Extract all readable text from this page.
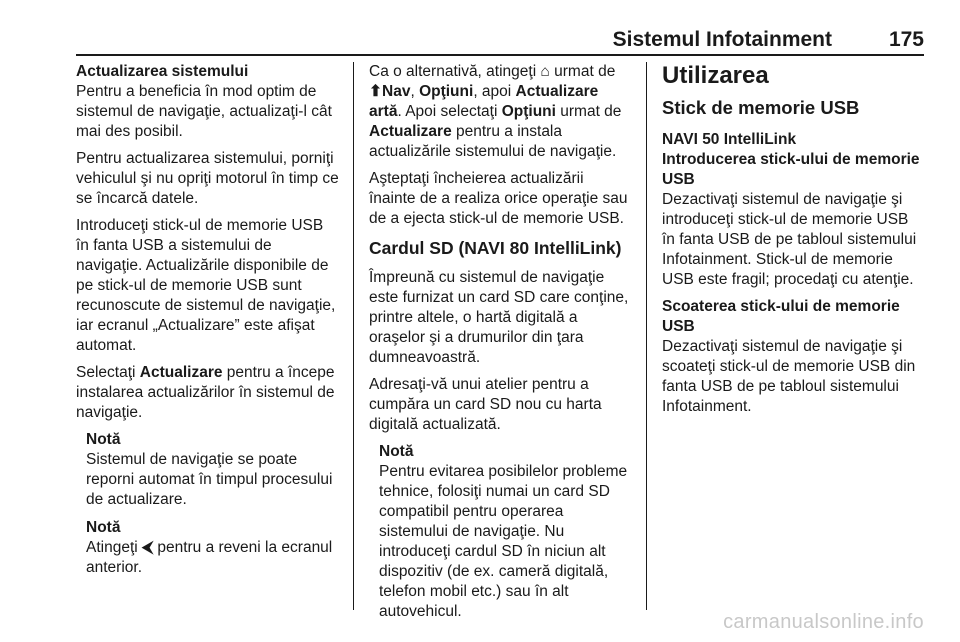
Sistemul Infotainment	175

Actualizarea sistemului
Pentru a beneficia în mod optim de sistemul de navigaţie, actualizaţi-l cât mai des posibil.

Pentru actualizarea sistemului, porniţi vehiculul şi nu opriţi motorul în timp ce se încarcă datele.

Introduceţi stick-ul de memorie USB în fanta USB a sistemului de navigaţie. Actualizările disponibile de pe stick-ul de memorie USB sunt recunoscute de sistemul de navigaţie, iar ecranul „Actualizare” este afişat automat.

Selectaţi Actualizare pentru a începe instalarea actualizărilor în sistemul de navigaţie.

Notă
Sistemul de navigaţie se poate reporni automat în timpul procesului de actualizare.
Notă
Atingeţi ⮜ pentru a reveni la ecranul anterior.

Ca o alternativă, atingeţi ⌂ urmat de ⬆Nav, Opţiuni, apoi Actualizare artă. Apoi selectaţi Opţiuni urmat de Actualizare pentru a instala actualizările sistemului de navigaţie.

Aşteptaţi încheierea actualizării înainte de a realiza orice operaţie sau de a ejecta stick-ul de memorie USB.

Cardul SD (NAVI 80 IntelliLink)

Împreună cu sistemul de navigaţie este furnizat un card SD care conţine, printre altele, o hartă digitală a oraşelor şi a drumurilor din ţara dumneavoastră.

Adresaţi-vă unui atelier pentru a cumpăra un card SD nou cu harta digitală actualizată.

Notă
Pentru evitarea posibilelor probleme tehnice, folosiţi numai un card SD compatibil pentru operarea sistemului de navigaţie. Nu introduceţi cardul SD în niciun alt dispozitiv (de ex. cameră digitală, telefon mobil etc.) sau în alt autovehicul.
Utilizarea
Stick de memorie USB

NAVI 50 IntelliLink
Introducerea stick-ului de memorie USB
Dezactivaţi sistemul de navigaţie şi introduceţi stick-ul de memorie USB în fanta USB de pe tabloul sistemului Infotainment. Stick-ul de memorie USB este fragil; procedaţi cu atenţie.

Scoaterea stick-ului de memorie USB
Dezactivaţi sistemul de navigaţie şi scoateţi stick-ul de memorie USB din fanta USB de pe tabloul sistemului Infotainment.

carmanualsonline.info
